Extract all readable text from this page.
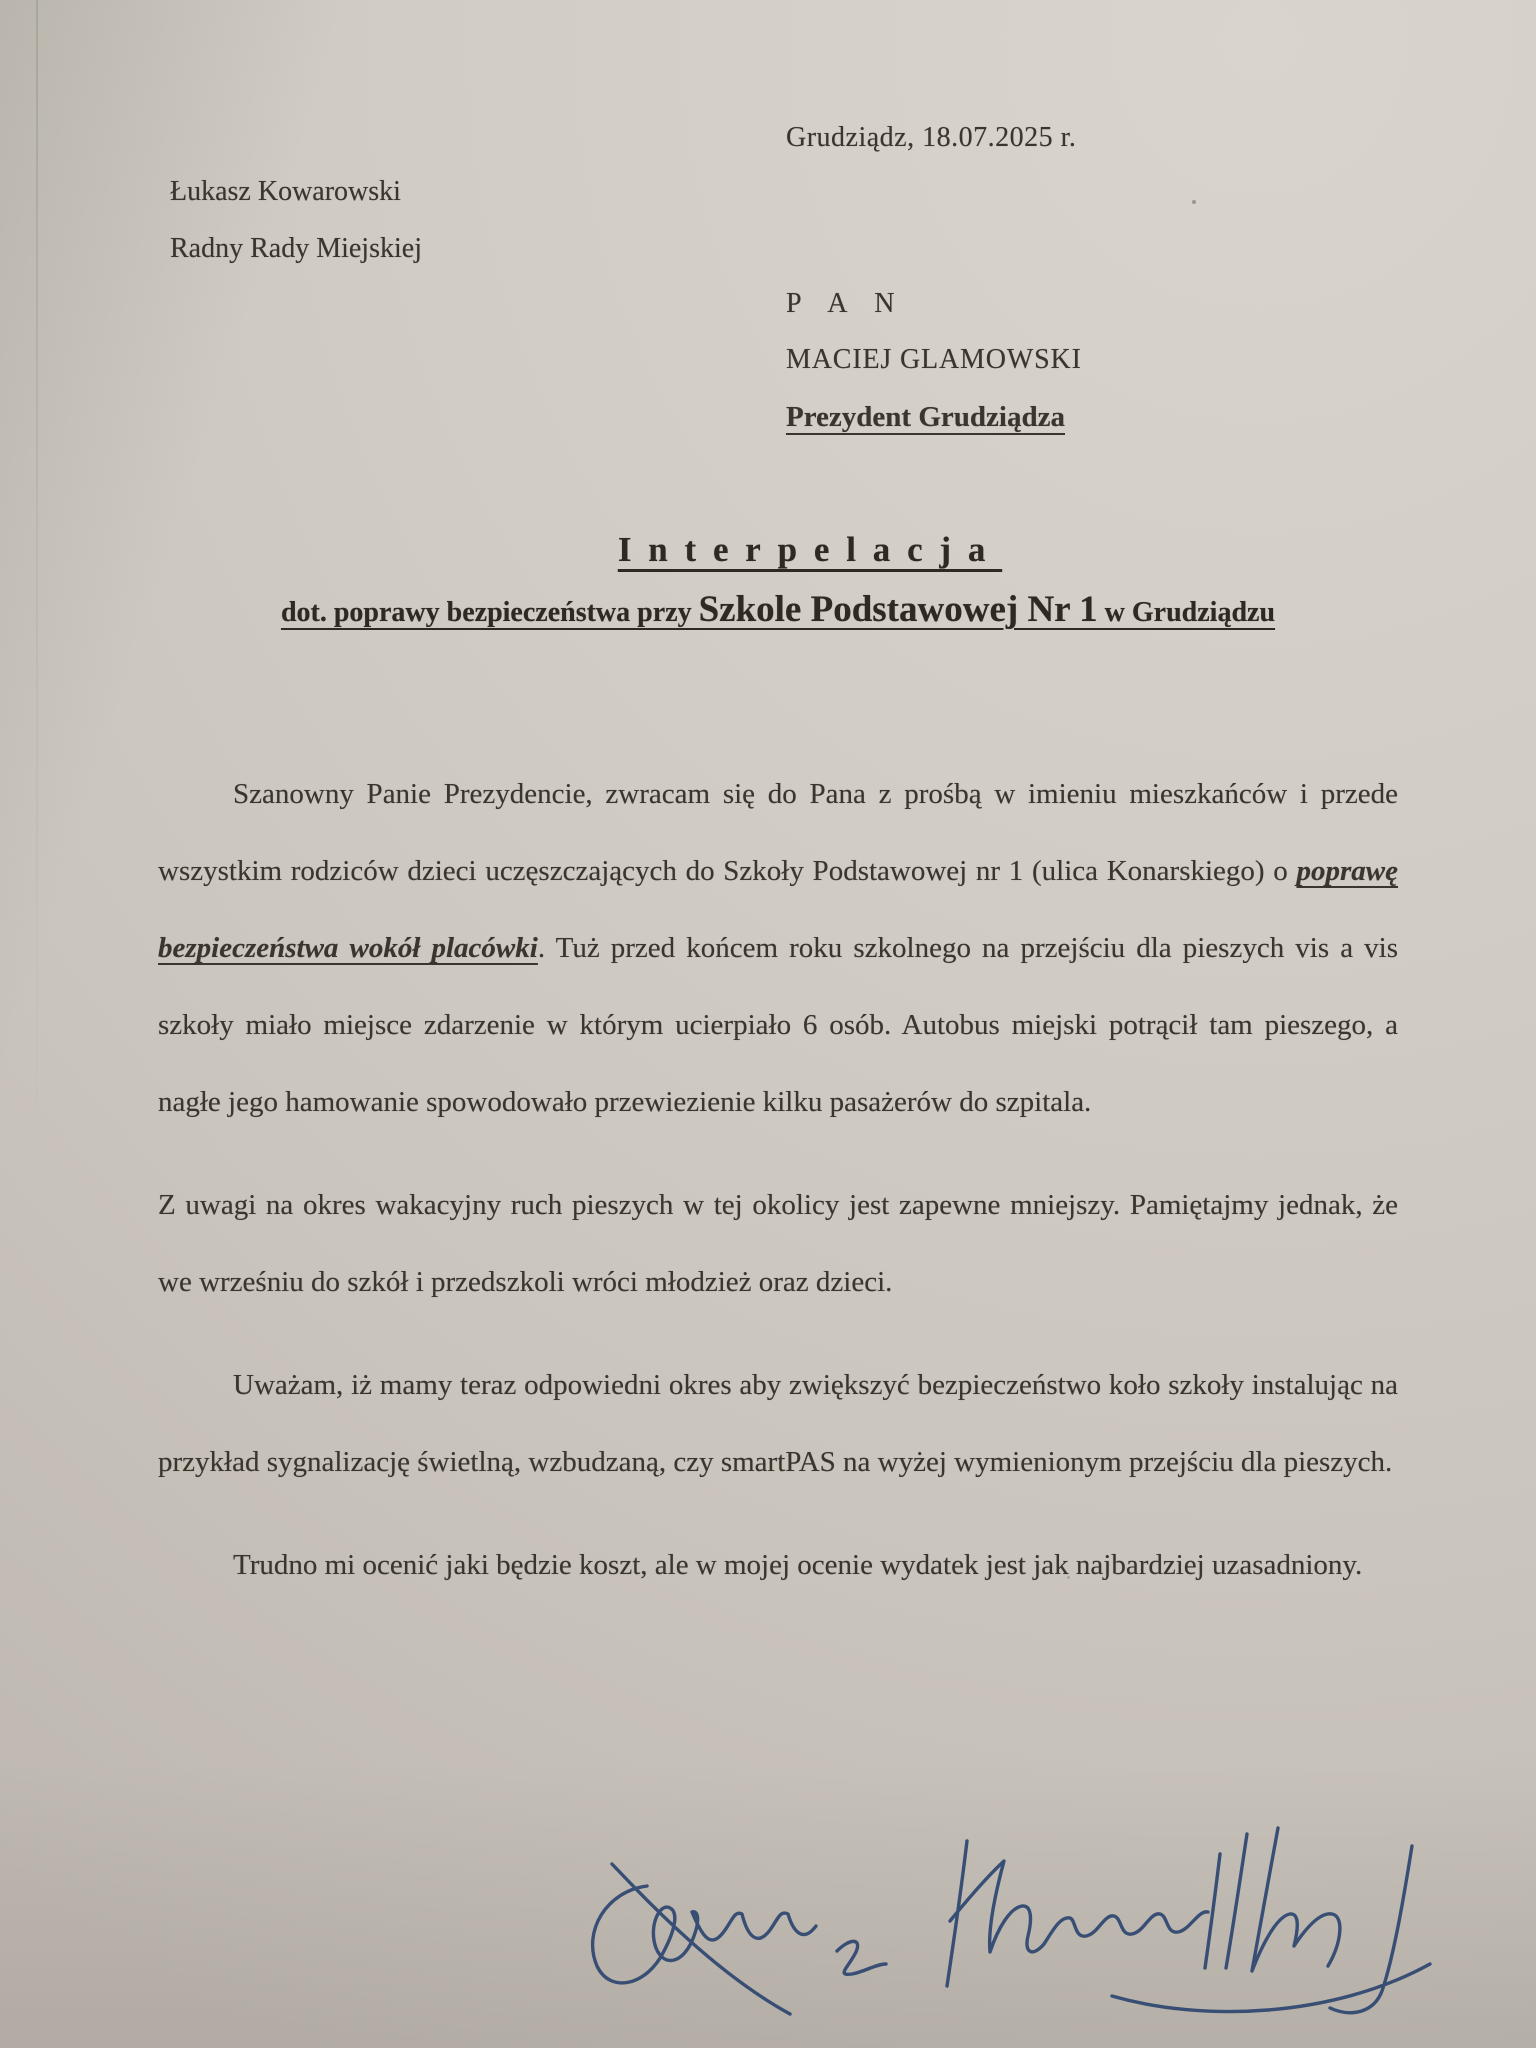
Grudziądz, 18.07.2025 r.
Łukasz Kowarowski
Radny Rady Miejskiej
P A N
MACIEJ GLAMOWSKI
Prezydent Grudziądza
Interpelacja
dot. poprawy bezpieczeństwa przy Szkole Podstawowej Nr 1 w Grudziądzu

Szanowny Panie Prezydencie, zwracam się do Pana z prośbą w imieniu mieszkańców i przede wszystkim rodziców dzieci uczęszczających do Szkoły Podstawowej nr 1 (ulica Konarskiego) o poprawę bezpieczeństwa wokół placówki. Tuż przed końcem roku szkolnego na przejściu dla pieszych vis a vis szkoły miało miejsce zdarzenie w którym ucierpiało 6 osób. Autobus miejski potrącił tam pieszego, a nagłe jego hamowanie spowodowało przewiezienie kilku pasażerów do szpitala.

Z uwagi na okres wakacyjny ruch pieszych w tej okolicy jest zapewne mniejszy. Pamiętajmy jednak, że we wrześniu do szkół i przedszkoli wróci młodzież oraz dzieci.

Uważam, iż mamy teraz odpowiedni okres aby zwiększyć bezpieczeństwo koło szkoły instalując na przykład sygnalizację świetlną, wzbudzaną, czy smartPAS na wyżej wymienionym przejściu dla pieszych.

Trudno mi ocenić jaki będzie koszt, ale w mojej ocenie wydatek jest jak najbardziej uzasadniony.
